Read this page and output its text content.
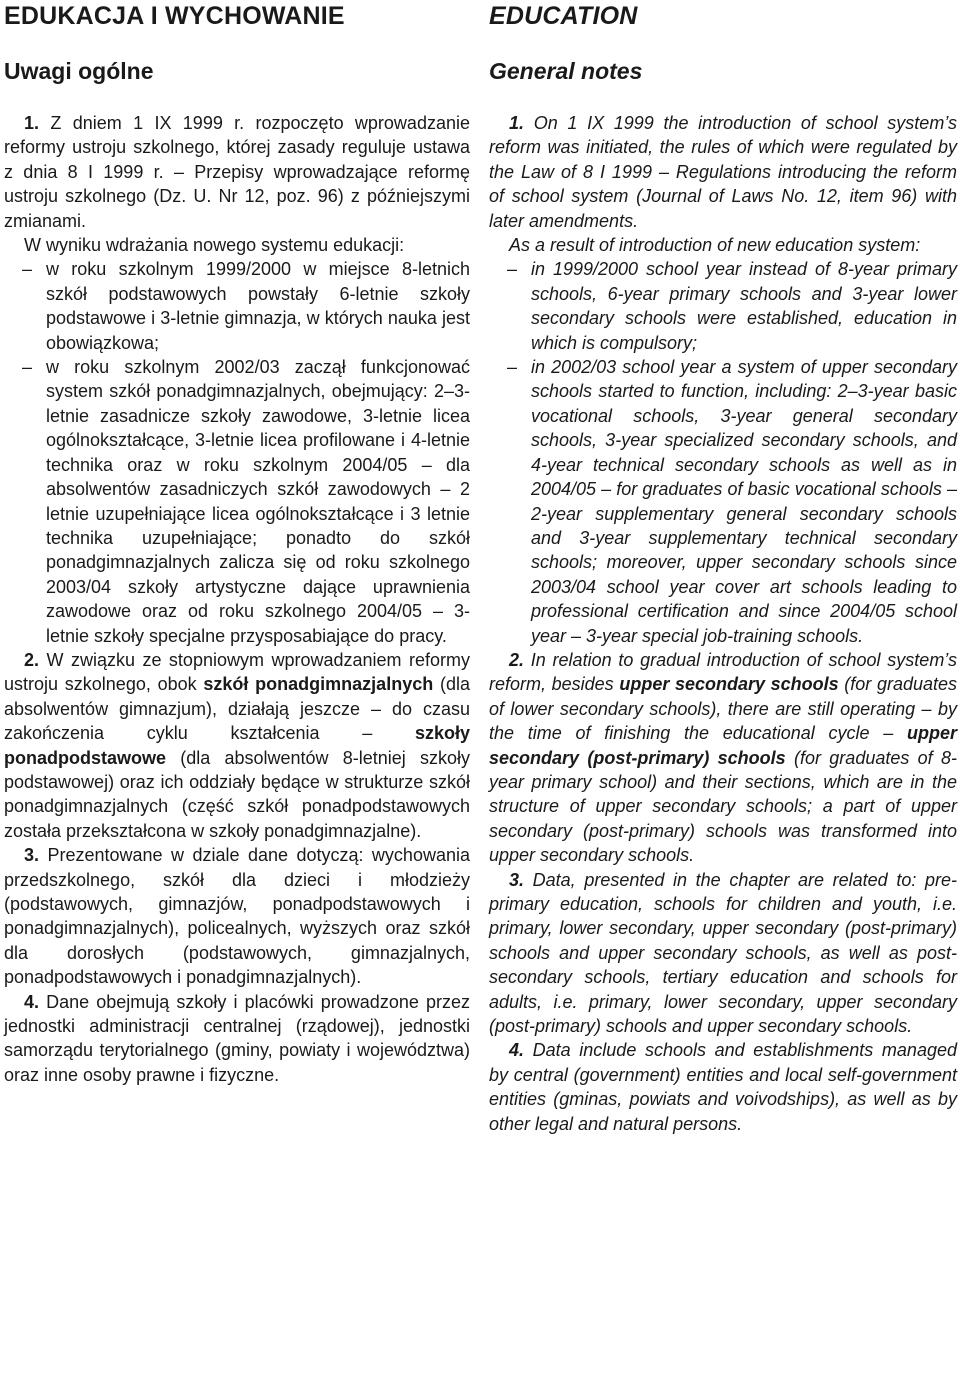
EDUKACJA I WYCHOWANIE
Uwagi ogólne

1. Z dniem 1 IX 1999 r. rozpoczęto wprowadzanie reformy ustroju szkolnego, której zasady reguluje ustawa z dnia 8 I 1999 r. – Przepisy wprowadzające reformę ustroju szkolnego (Dz. U. Nr 12, poz. 96) z późniejszymi zmianami.

W wyniku wdrażania nowego systemu edukacji:

– w roku szkolnym 1999/2000 w miejsce 8-letnich szkół podstawowych powstały 6-letnie szkoły podstawowe i 3-letnie gimnazja, w których nauka jest obowiązkowa;
– w roku szkolnym 2002/03 zaczął funkcjonować system szkół ponadgimnazjalnych, obejmujący: 2–3-letnie zasadnicze szkoły zawodowe, 3-letnie licea ogólnokształcące, 3-letnie licea profilowane i 4-letnie technika oraz w roku szkolnym 2004/05 – dla absolwentów zasadniczych szkół zawodowych – 2 letnie uzupełniające licea ogólnokształcące i 3 letnie technika uzupełniające; ponadto do szkół ponadgimnazjalnych zalicza się od roku szkolnego 2003/04 szkoły artystyczne dające uprawnienia zawodowe oraz od roku szkolnego 2004/05 – 3-letnie szkoły specjalne przysposabiające do pracy.

2. W związku ze stopniowym wprowadzaniem reformy ustroju szkolnego, obok szkół ponadgimnazjalnych (dla absolwentów gimnazjum), działają jeszcze – do czasu zakończenia cyklu kształcenia – szkoły ponadpodstawowe (dla absolwentów 8-letniej szkoły podstawowej) oraz ich oddziały będące w strukturze szkół ponadgimnazjalnych (część szkół ponadpodstawowych została przekształcona w szkoły ponadgimnazjalne).

3. Prezentowane w dziale dane dotyczą: wychowania przedszkolnego, szkół dla dzieci i młodzieży (podstawowych, gimnazjów, ponadpodstawowych i ponadgimnazjalnych), policealnych, wyższych oraz szkół dla dorosłych (podstawowych, gimnazjalnych, ponadpodstawowych i ponadgimnazjalnych).

4. Dane obejmują szkoły i placówki prowadzone przez jednostki administracji centralnej (rządowej), jednostki samorządu terytorialnego (gminy, powiaty i województwa) oraz inne osoby prawne i fizyczne.

EDUCATION
General notes

1. On 1 IX 1999 the introduction of school system’s reform was initiated, the rules of which were regulated by the Law of 8 I 1999 – Regulations introducing the reform of school system (Journal of Laws No. 12, item 96) with later amendments.

As a result of introduction of new education system:

– in 1999/2000 school year instead of 8-year primary schools, 6-year primary schools and 3-year lower secondary schools were established, education in which is compulsory;
– in 2002/03 school year a system of upper secondary schools started to function, including: 2–3-year basic vocational schools, 3-year general secondary schools, 3-year specialized secondary schools, and 4-year technical secondary schools as well as in 2004/05 – for graduates of basic vocational schools – 2-year supplementary general secondary schools and 3-year supplementary technical secondary schools; moreover, upper secondary schools since 2003/04 school year cover art schools leading to professional certification and since 2004/05 school year – 3-year special job-training schools.

2. In relation to gradual introduction of school system’s reform, besides upper secondary schools (for graduates of lower secondary schools), there are still operating – by the time of finishing the educational cycle – upper secondary (post-primary) schools (for graduates of 8-year primary school) and their sections, which are in the structure of upper secondary schools; a part of upper secondary (post-primary) schools was transformed into upper secondary schools.

3. Data, presented in the chapter are related to: pre-primary education, schools for children and youth, i.e. primary, lower secondary, upper secondary (post-primary) schools and upper secondary schools, as well as post-secondary schools, tertiary education and schools for adults, i.e. primary, lower secondary, upper secondary (post-primary) schools and upper secondary schools.

4. Data include schools and establishments managed by central (government) entities and local self-government entities (gminas, powiats and voivodships), as well as by other legal and natural persons.
